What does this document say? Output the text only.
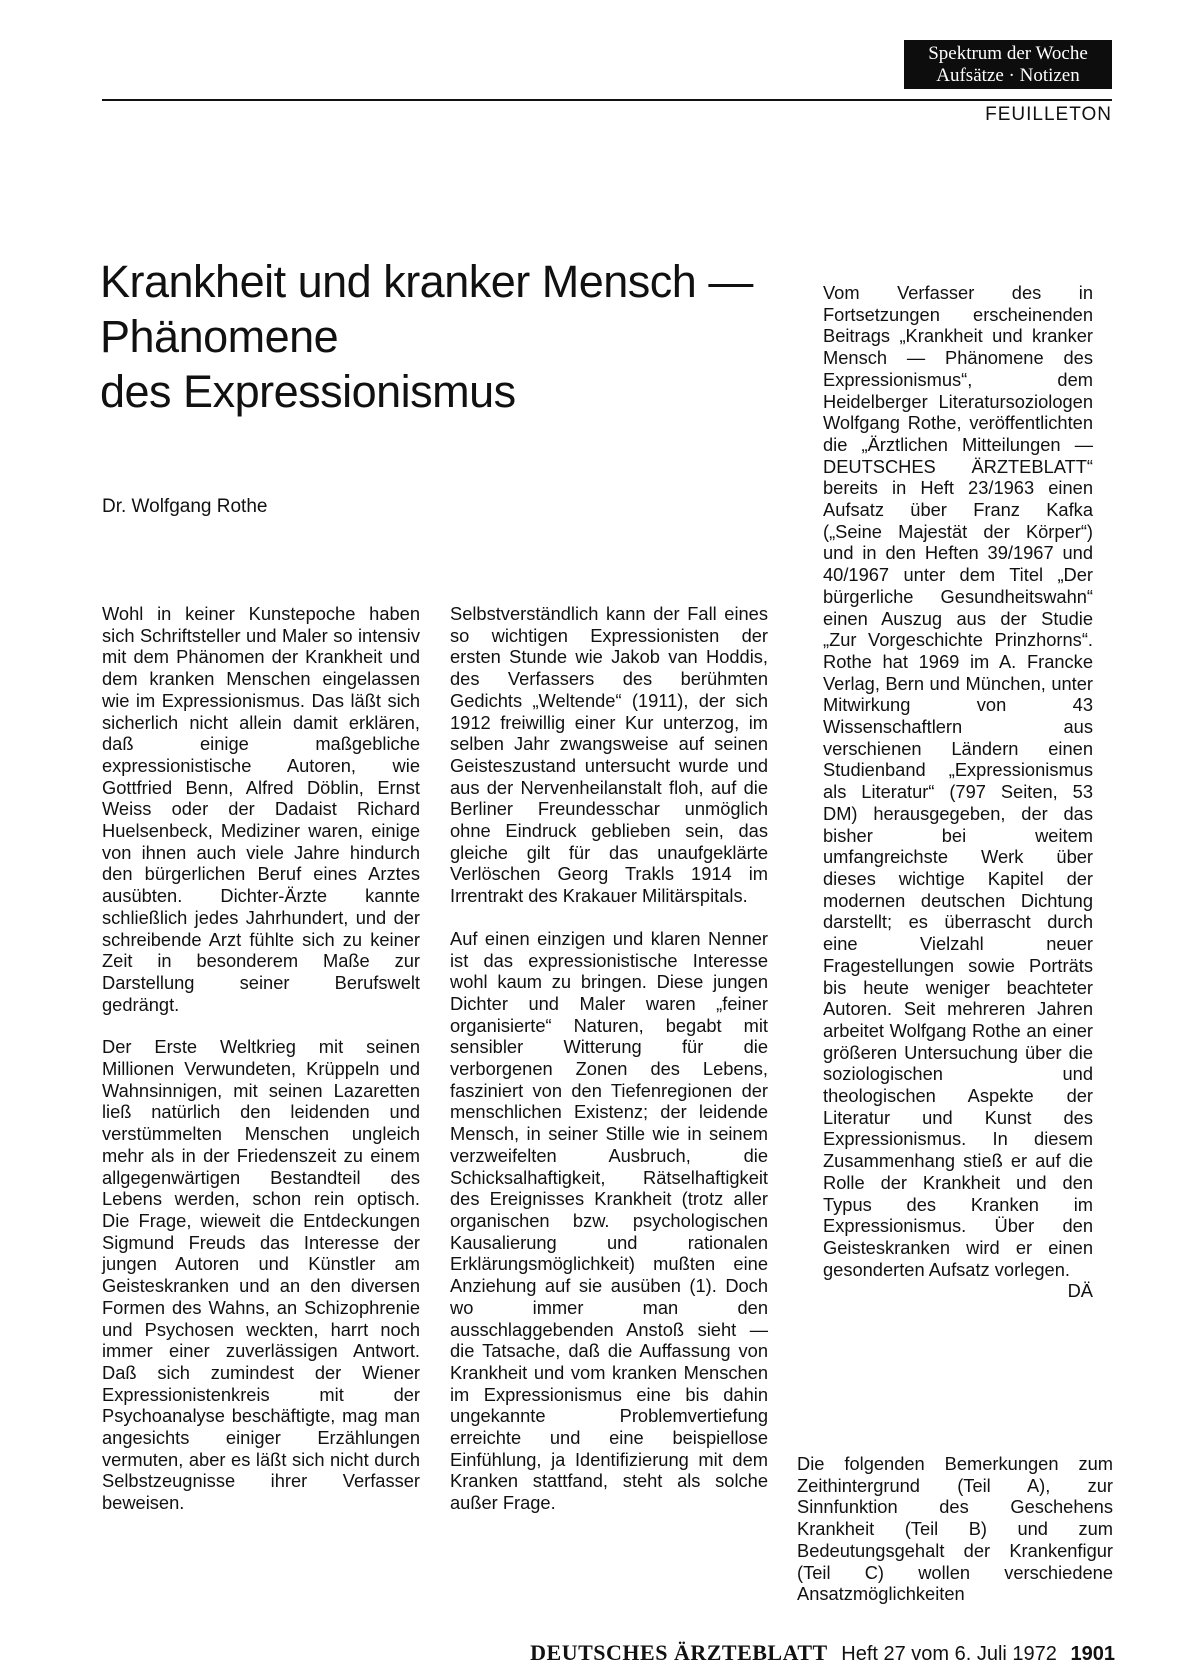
Spektrum der Woche
Aufsätze · Notizen
FEUILLETON
Krankheit und kranker Mensch —
Phänomene
des Expressionismus
Dr. Wolfgang Rothe

Wohl in keiner Kunstepoche haben sich Schriftsteller und Maler so intensiv mit dem Phänomen der Krankheit und dem kranken Menschen eingelassen wie im Expressionismus. Das läßt sich sicherlich nicht allein damit erklären, daß einige maßgebliche expressionistische Autoren, wie Gottfried Benn, Alfred Döblin, Ernst Weiss oder der Dadaist Richard Huelsenbeck, Mediziner waren, einige von ihnen auch viele Jahre hindurch den bürgerlichen Beruf eines Arztes ausübten. Dichter-Ärzte kannte schließlich jedes Jahrhundert, und der schreibende Arzt fühlte sich zu keiner Zeit in besonderem Maße zur Darstellung seiner Berufswelt gedrängt.

Der Erste Weltkrieg mit seinen Millionen Verwundeten, Krüppeln und Wahnsinnigen, mit seinen Lazaretten ließ natürlich den leidenden und verstümmelten Menschen ungleich mehr als in der Friedenszeit zu einem allgegenwärtigen Bestandteil des Lebens werden, schon rein optisch. Die Frage, wieweit die Entdeckungen Sigmund Freuds das Interesse der jungen Autoren und Künstler am Geisteskranken und an den diversen Formen des Wahns, an Schizophrenie und Psychosen weckten, harrt noch immer einer zuverlässigen Antwort. Daß sich zumindest der Wiener Expressionistenkreis mit der Psychoanalyse beschäftigte, mag man angesichts einiger Erzählungen vermuten, aber es läßt sich nicht durch Selbstzeugnisse ihrer Verfasser beweisen.

Selbstverständlich kann der Fall eines so wichtigen Expressionisten der ersten Stunde wie Jakob van Hoddis, des Verfassers des berühmten Gedichts „Weltende“ (1911), der sich 1912 freiwillig einer Kur unterzog, im selben Jahr zwangsweise auf seinen Geisteszustand untersucht wurde und aus der Nervenheilanstalt floh, auf die Berliner Freundesschar unmöglich ohne Eindruck geblieben sein, das gleiche gilt für das unaufgeklärte Verlöschen Georg Trakls 1914 im Irrentrakt des Krakauer Militärspitals.

Auf einen einzigen und klaren Nenner ist das expressionistische Interesse wohl kaum zu bringen. Diese jungen Dichter und Maler waren „feiner organisierte“ Naturen, begabt mit sensibler Witterung für die verborgenen Zonen des Lebens, fasziniert von den Tiefenregionen der menschlichen Existenz; der leidende Mensch, in seiner Stille wie in seinem verzweifelten Ausbruch, die Schicksalhaftigkeit, Rätselhaftigkeit des Ereignisses Krankheit (trotz aller organischen bzw. psychologischen Kausalierung und rationalen Erklärungsmöglichkeit) mußten eine Anziehung auf sie ausüben (1). Doch wo immer man den ausschlaggebenden Anstoß sieht — die Tatsache, daß die Auffassung von Krankheit und vom kranken Menschen im Expressionismus eine bis dahin ungekannte Problemvertiefung erreichte und eine beispiellose Einfühlung, ja Identifizierung mit dem Kranken stattfand, steht als solche außer Frage.

Vom Verfasser des in Fortsetzungen erscheinenden Beitrags „Krankheit und kranker Mensch — Phänomene des Expressionismus“, dem Heidelberger Literatursoziologen Wolfgang Rothe, veröffentlichten die „Ärztlichen Mitteilungen — DEUTSCHES ÄRZTEBLATT“ bereits in Heft 23/1963 einen Aufsatz über Franz Kafka („Seine Majestät der Körper“) und in den Heften 39/1967 und 40/1967 unter dem Titel „Der bürgerliche Gesundheitswahn“ einen Auszug aus der Studie „Zur Vorgeschichte Prinzhorns“. Rothe hat 1969 im A. Francke Verlag, Bern und München, unter Mitwirkung von 43 Wissenschaftlern aus verschienen Ländern einen Studienband „Expressionismus als Literatur“ (797 Seiten, 53 DM) herausgegeben, der das bisher bei weitem umfangreichste Werk über dieses wichtige Kapitel der modernen deutschen Dichtung darstellt; es überrascht durch eine Vielzahl neuer Fragestellungen sowie Porträts bis heute weniger beachteter Autoren. Seit mehreren Jahren arbeitet Wolfgang Rothe an einer größeren Untersuchung über die soziologischen und theologischen Aspekte der Literatur und Kunst des Expressionismus. In diesem Zusammenhang stieß er auf die Rolle der Krankheit und den Typus des Kranken im Expressionismus. Über den Geisteskranken wird er einen gesonderten Aufsatz vorlegen.
DÄ

Die folgenden Bemerkungen zum Zeithintergrund (Teil A), zur Sinnfunktion des Geschehens Krankheit (Teil B) und zum Bedeutungsgehalt der Krankenfigur (Teil C) wollen verschiedene Ansatzmöglichkeiten

DEUTSCHES ÄRZTEBLATT Heft 27 vom 6. Juli 1972 1901
